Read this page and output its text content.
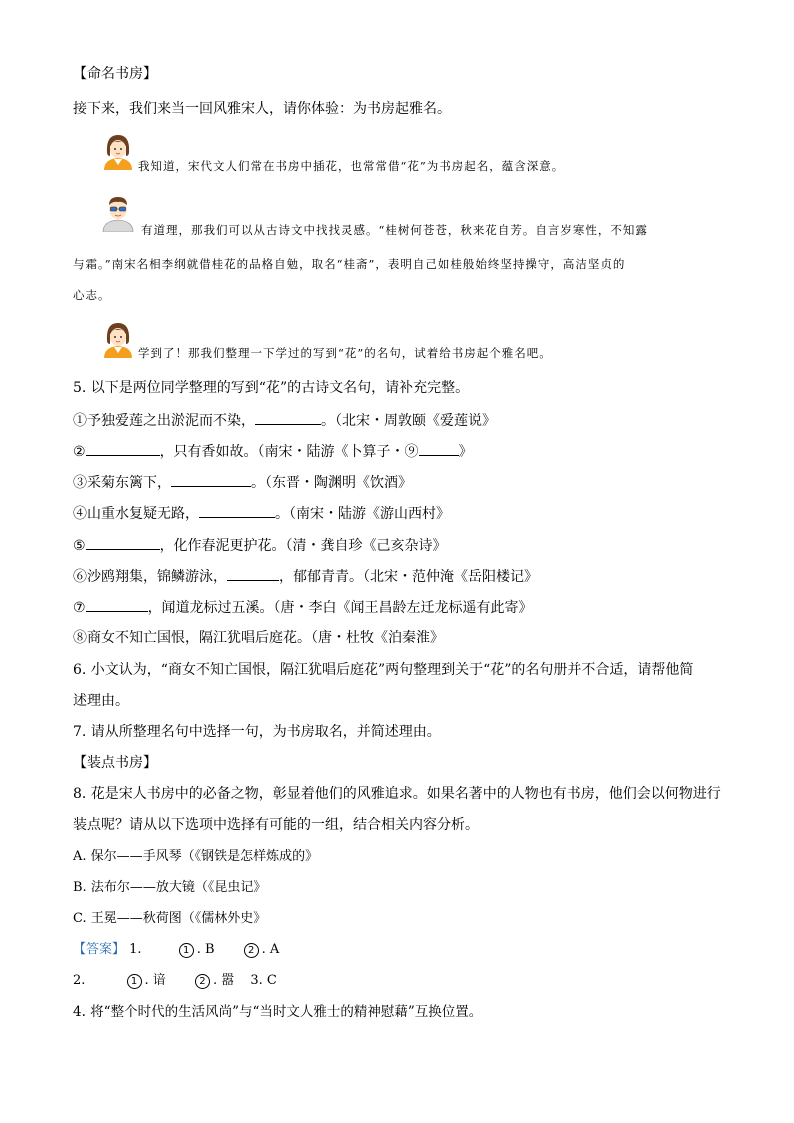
【命名书房】
接下来，我们来当一回风雅宋人，请你体验：为书房起雅名。
我知道，宋代文人们常在书房中插花，也常常借“花”为书房起名，蕴含深意。
有道理，那我们可以从古诗文中找找灵感。“桂树何苍苍，秋来花自芳。自言岁寒性，不知露
与霜。”南宋名相李纲就借桂花的品格自勉，取名“桂斋”，表明自己如桂般始终坚持操守，高洁坚贞的
心志。
学到了！那我们整理一下学过的写到“花”的名句，试着给书房起个雅名吧。
5. 以下是两位同学整理的写到“花”的古诗文名句，请补充完整。
①予独爱莲之出淤泥而不染，	。（北宋・周敦颐《爱莲说》
②	，只有香如故。（南宋・陆游《卜算子・⑨	》
③采菊东篱下，	。（东晋・陶渊明《饮酒》
④山重水复疑无路，	。（南宋・陆游《游山西村》
⑤	，化作春泥更护花。（清・龚自珍《己亥杂诗》
⑥沙鸥翔集，锦鳞游泳，	，郁郁青青。（北宋・范仲淹《岳阳楼记》
⑦	，闻道龙标过五溪。（唐・李白《闻王昌龄左迁龙标遥有此寄》
⑧商女不知亡国恨，隔江犹唱后庭花。（唐・杜牧《泊秦淮》
6. 小文认为，“商女不知亡国恨，隔江犹唱后庭花”两句整理到关于“花”的名句册并不合适，请帮他简
述理由。
7. 请从所整理名句中选择一句，为书房取名，并简述理由。
【装点书房】
8. 花是宋人书房中的必备之物，彰显着他们的风雅追求。如果名著中的人物也有书房，他们会以何物进行
装点呢？请从以下选项中选择有可能的一组，结合相关内容分析。
A. 保尔——手风琴（《钢铁是怎样炼成的》
B. 法布尔——放大镜（《昆虫记》
C. 王冕——秋荷图（《儒林外史》
【答案】 1.	1 . B	2 . A
2.	1 . 谙	2 . 嚣 3. C
4. 将“整个时代的生活风尚”与“当时文人雅士的精神慰藉”互换位置。
